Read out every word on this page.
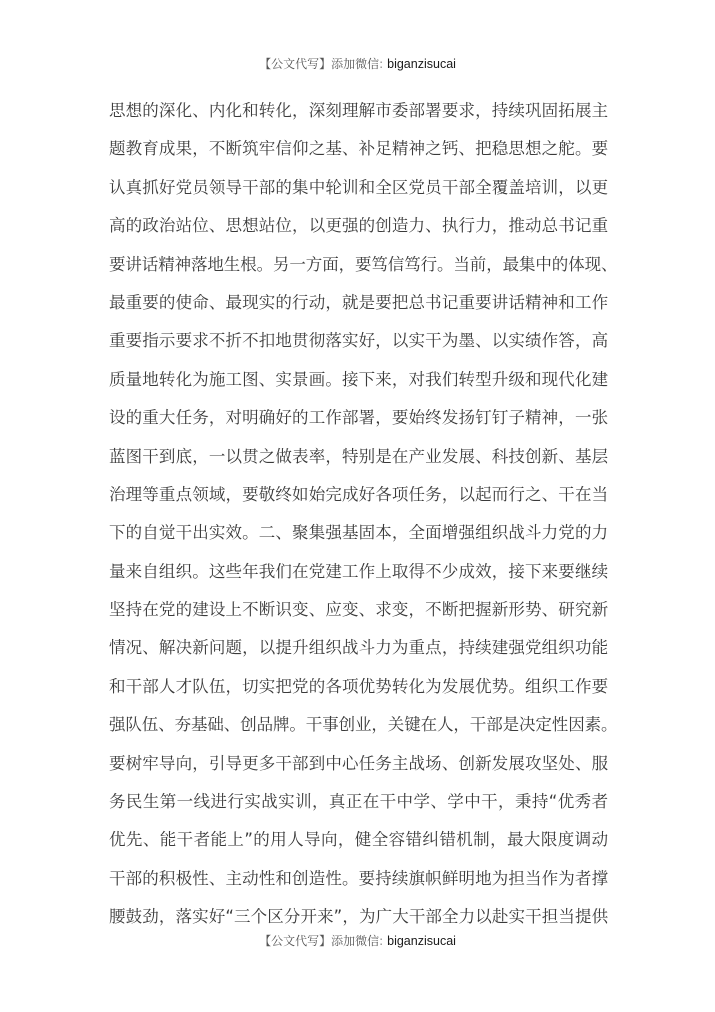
【公文代写】添加微信: biganzisucai
思想的深化、内化和转化，深刻理解市委部署要求，持续巩固拓展主
题教育成果，不断筑牢信仰之基、补足精神之钙、把稳思想之舵。要
认真抓好党员领导干部的集中轮训和全区党员干部全覆盖培训，以更
高的政治站位、思想站位，以更强的创造力、执行力，推动总书记重
要讲话精神落地生根。另一方面，要笃信笃行。当前，最集中的体现、
最重要的使命、最现实的行动，就是要把总书记重要讲话精神和工作
重要指示要求不折不扣地贯彻落实好，以实干为墨、以实绩作答，高
质量地转化为施工图、实景画。接下来，对我们转型升级和现代化建
设的重大任务，对明确好的工作部署，要始终发扬钉钉子精神，一张
蓝图干到底，一以贯之做表率，特别是在产业发展、科技创新、基层
治理等重点领域，要敬终如始完成好各项任务，以起而行之、干在当
下的自觉干出实效。二、聚集强基固本，全面增强组织战斗力党的力
量来自组织。这些年我们在党建工作上取得不少成效，接下来要继续
坚持在党的建设上不断识变、应变、求变，不断把握新形势、研究新
情况、解决新问题，以提升组织战斗力为重点，持续建强党组织功能
和干部人才队伍，切实把党的各项优势转化为发展优势。组织工作要
强队伍、夯基础、创品牌。干事创业，关键在人，干部是决定性因素。
要树牢导向，引导更多干部到中心任务主战场、创新发展攻坚处、服
务民生第一线进行实战实训，真正在干中学、学中干，秉持“优秀者
优先、能干者能上”的用人导向，健全容错纠错机制，最大限度调动
干部的积极性、主动性和创造性。要持续旗帜鲜明地为担当作为者撑
腰鼓劲，落实好“三个区分开来”，为广大干部全力以赴实干担当提供
【公文代写】添加微信: biganzisucai
